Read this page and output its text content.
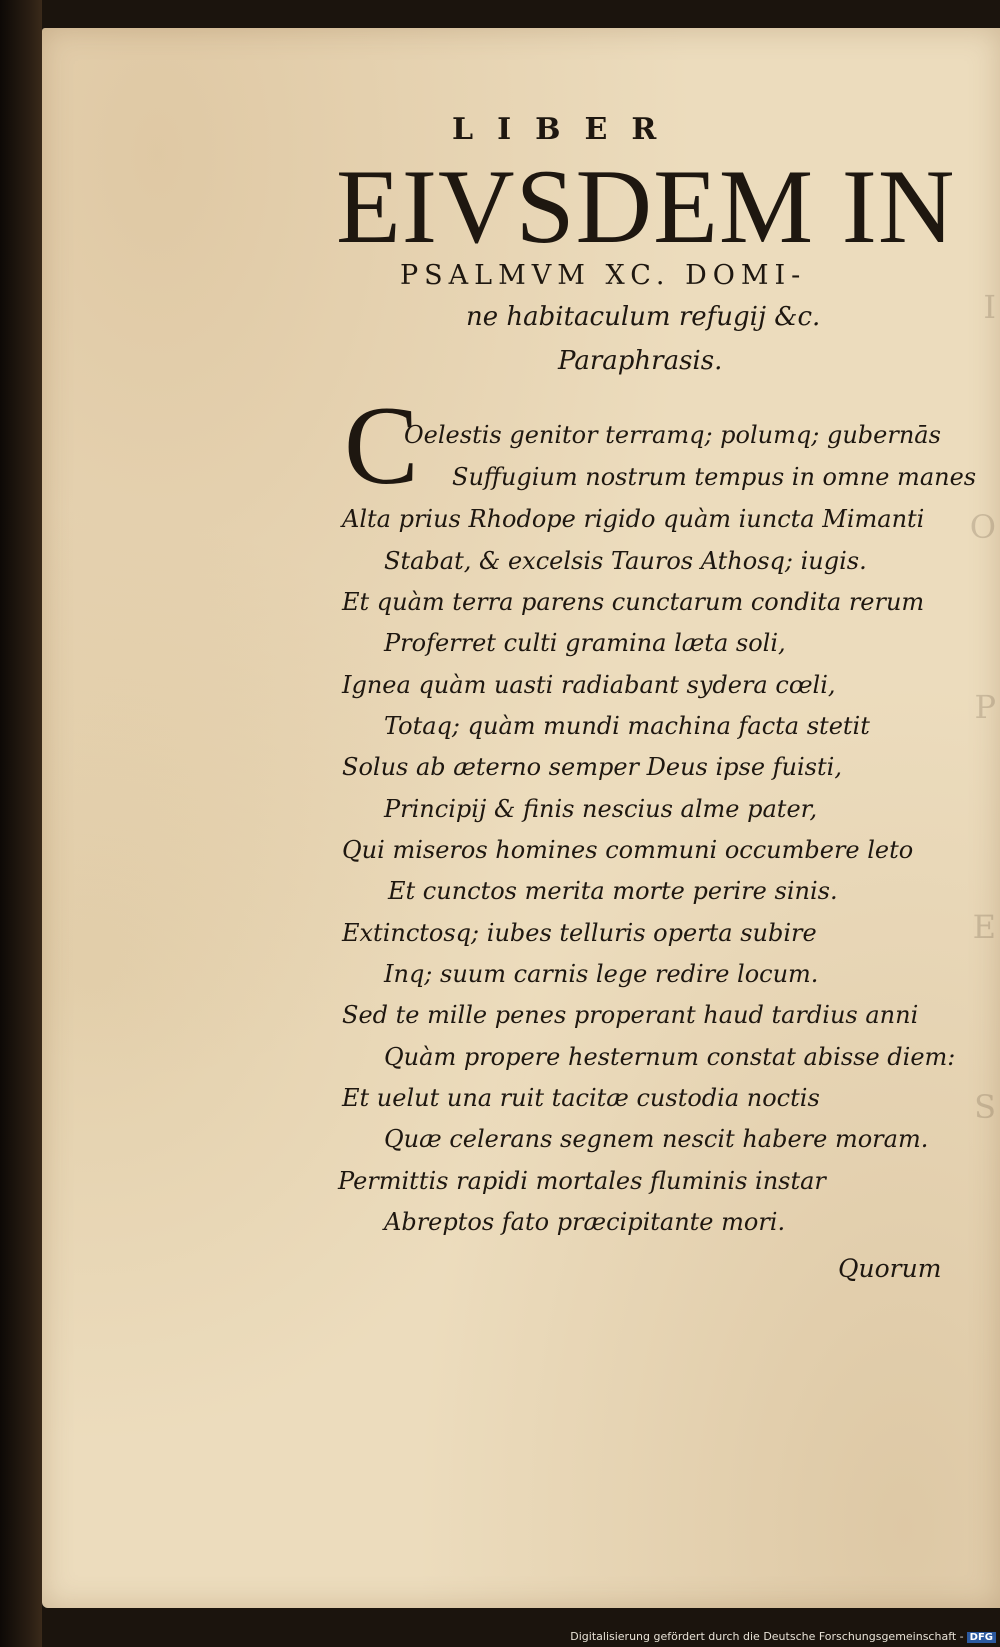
I
O
P
E
S
LIBER
EIVSDEM IN
PSALMVM XC. DOMI-
ne habitaculum refugij &c.
Paraphrasis.
C
Oelestis genitor terramq; polumq; gubernās
Suffugium nostrum tempus in omne manes
Alta prius Rhodope rigido quàm iuncta Mimanti
Stabat, & excelsis Tauros Athosq; iugis.
Et quàm terra parens cunctarum condita rerum
Proferret culti gramina læta soli,
Ignea quàm uasti radiabant sydera cœli,
Totaq; quàm mundi machina facta stetit
Solus ab æterno semper Deus ipse fuisti,
Principij & finis nescius alme pater,
Qui miseros homines communi occumbere leto
Et cunctos merita morte perire sinis.
Extinctosq; iubes telluris operta subire
Inq; suum carnis lege redire locum.
Sed te mille penes properant haud tardius anni
Quàm propere hesternum constat abisse diem:
Et uelut una ruit tacitæ custodia noctis
Quæ celerans segnem nescit habere moram.
Permittis rapidi mortales fluminis instar
Abreptos fato præcipitante mori.
Quorum
Digitalisierung gefördert durch die Deutsche Forschungsgemeinschaft - DFG
